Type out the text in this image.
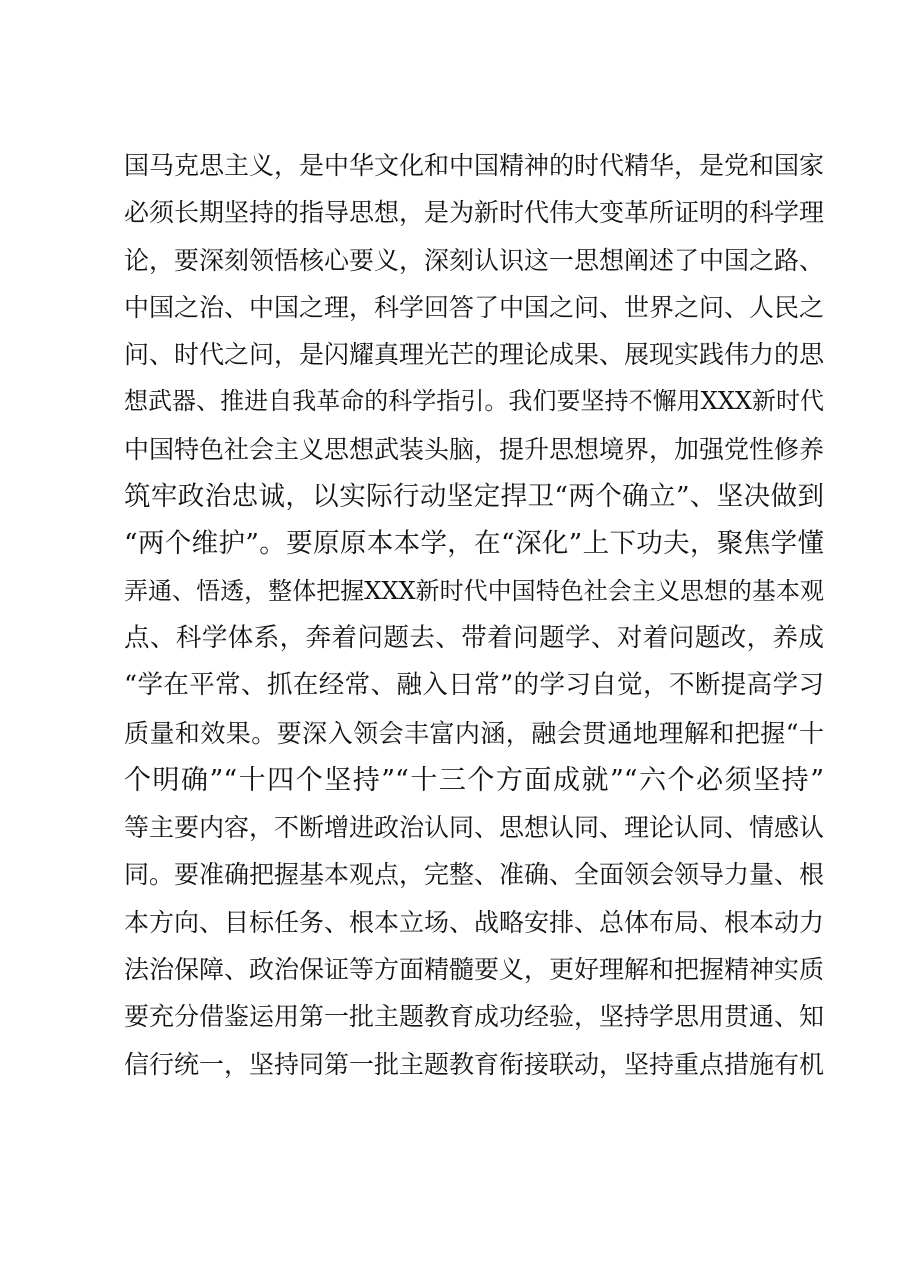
国马克思主义，是中华文化和中国精神的时代精华，是党和国家
必须长期坚持的指导思想，是为新时代伟大变革所证明的科学理
论，要深刻领悟核心要义，深刻认识这一思想阐述了中国之路、
中国之治、中国之理，科学回答了中国之问、世界之问、人民之
问、时代之问，是闪耀真理光芒的理论成果、展现实践伟力的思
想武器、推进自我革命的科学指引。我们要坚持不懈用XXX新时代
中国特色社会主义思想武装头脑，提升思想境界，加强党性修养
筑牢政治忠诚，以实际行动坚定捍卫“两个确立”、坚决做到
“两个维护”。要原原本本学，在“深化”上下功夫，聚焦学懂
弄通、悟透，整体把握XXX新时代中国特色社会主义思想的基本观
点、科学体系，奔着问题去、带着问题学、对着问题改，养成
“学在平常、抓在经常、融入日常”的学习自觉，不断提高学习
质量和效果。要深入领会丰富内涵，融会贯通地理解和把握“十
个明确”“十四个坚持”“十三个方面成就”“六个必须坚持”
等主要内容，不断增进政治认同、思想认同、理论认同、情感认
同。要准确把握基本观点，完整、准确、全面领会领导力量、根
本方向、目标任务、根本立场、战略安排、总体布局、根本动力
法治保障、政治保证等方面精髓要义，更好理解和把握精神实质
要充分借鉴运用第一批主题教育成功经验，坚持学思用贯通、知
信行统一，坚持同第一批主题教育衔接联动，坚持重点措施有机
